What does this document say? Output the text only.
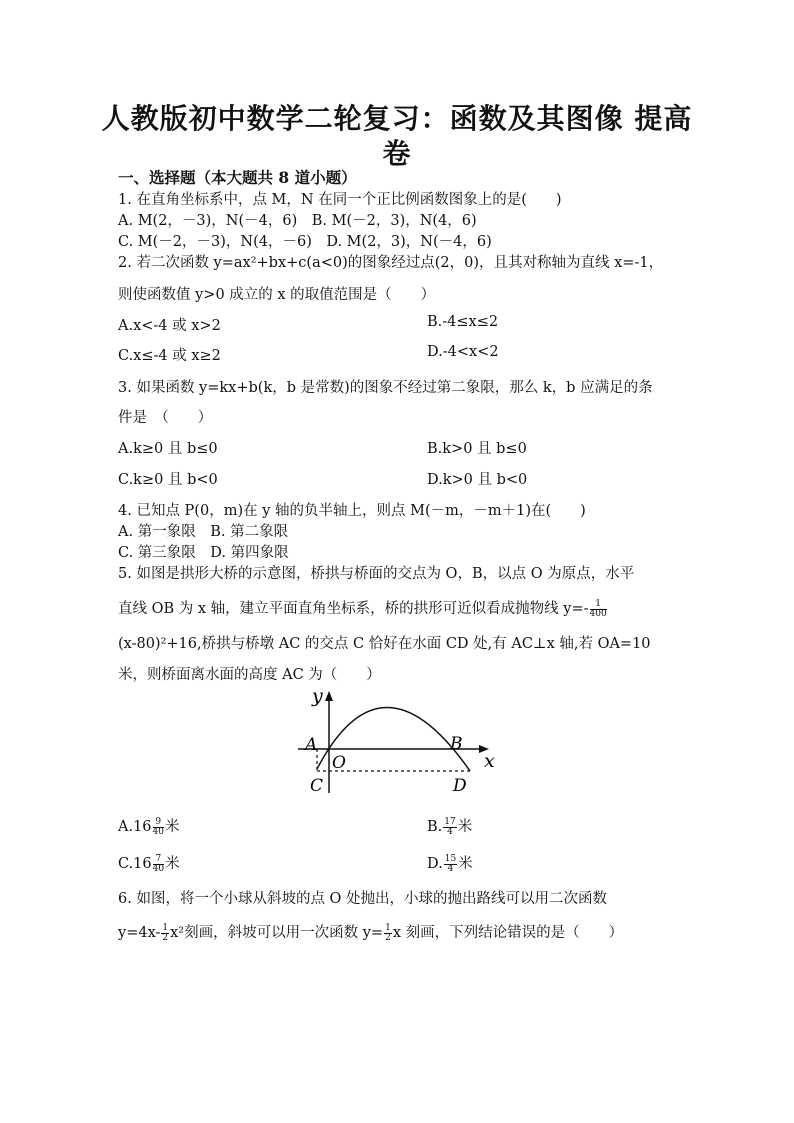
人教版初中数学二轮复习：函数及其图像 提高
卷
一、选择题（本大题共 8 道小题）
1. 在直角坐标系中，点 M，N 在同一个正比例函数图象上的是(　　)
A. M(2，－3)，N(－4，6)　B. M(－2，3)，N(4，6)
C. M(－2，－3)，N(4，－6)　D. M(2，3)，N(－4，6)
2. 若二次函数 y=ax²+bx+c(a<0)的图象经过点(2，0)，且其对称轴为直线 x=-1，
则使函数值 y>0 成立的 x 的取值范围是（　　）
A.x<-4 或 x>2	B.-4≤x≤2
C.x≤-4 或 x≥2	D.-4<x<2
3. 如果函数 y=kx+b(k，b 是常数)的图象不经过第二象限，那么 k，b 应满足的条
件是　（　　）
A.k≥0 且 b≤0	B.k>0 且 b≤0
C.k≥0 且 b<0	D.k>0 且 b<0
4. 已知点 P(0，m)在 y 轴的负半轴上，则点 M(－m，－m＋1)在(　　)
A. 第一象限　B. 第二象限
C. 第三象限　D. 第四象限
5. 如图是拱形大桥的示意图，桥拱与桥面的交点为 O，B，以点 O 为原点，水平
直线 OB 为 x 轴，建立平面直角坐标系，桥的拱形可近似看成抛物线 $y=- \frac{1}{400}$
(x-80)²+16,桥拱与桥墩 AC 的交点 C 恰好在水面 CD 处,有 AC⊥x 轴,若 OA=10
米，则桥面离水面的高度 AC 为（　　）
y
x
A
O
B
C	D
$A.16 \frac{9}{40}$ 米	B. $\frac{17}{4}$ 米
$C.16 \frac{7}{40}$ 米	D. $\frac{15}{4}$ 米
6. 如图，将一个小球从斜坡的点 O 处抛出，小球的抛出路线可以用二次函数
$y=4x- \frac{1}{2} x^2$刻画，斜坡可以用一次函数 $y= \frac{1}{2}$ x 刻画，下列结论错误的是（　　）
